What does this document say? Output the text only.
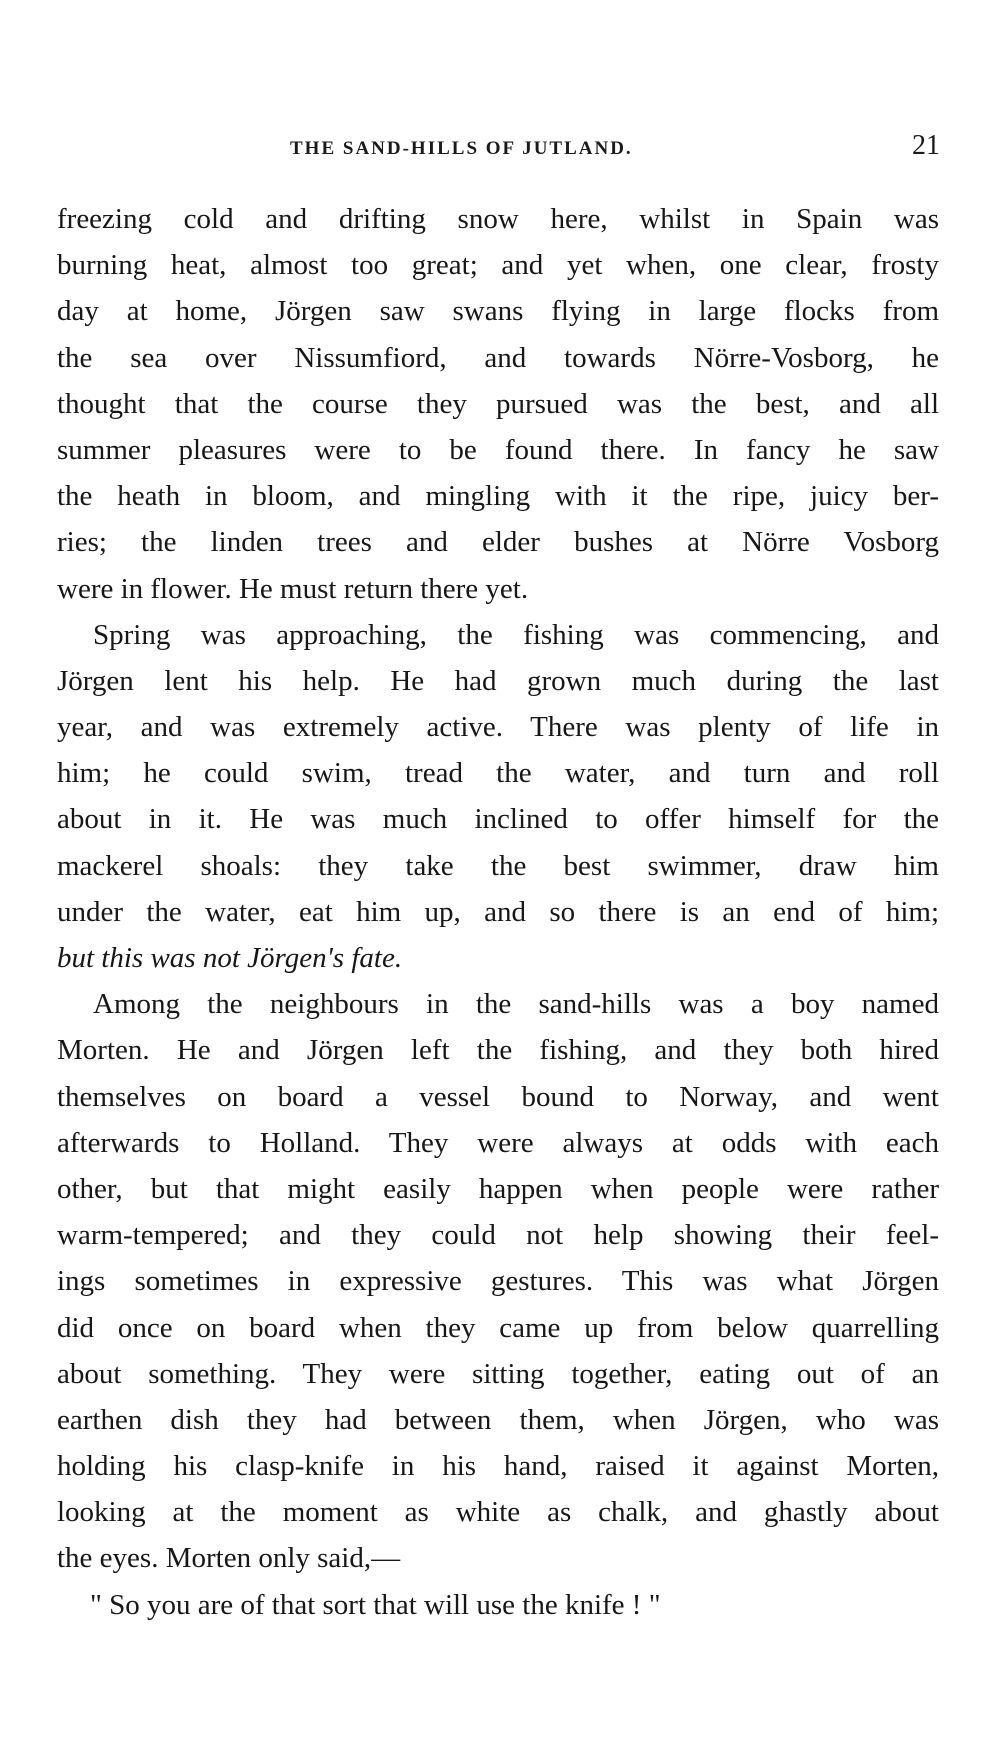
THE SAND-HILLS OF JUTLAND.	21
freezing cold and drifting snow here, whilst in Spain was
burning heat, almost too great; and yet when, one clear, frosty
day at home, Jörgen saw swans flying in large flocks from
the sea over Nissumfiord, and towards Nörre-Vosborg, he
thought that the course they pursued was the best, and all
summer pleasures were to be found there. In fancy he saw
the heath in bloom, and mingling with it the ripe, juicy ber-
ries; the linden trees and elder bushes at Nörre Vosborg
were in flower. He must return there yet.
Spring was approaching, the fishing was commencing, and
Jörgen lent his help. He had grown much during the last
year, and was extremely active. There was plenty of life in
him; he could swim, tread the water, and turn and roll
about in it. He was much inclined to offer himself for the
mackerel shoals: they take the best swimmer, draw him
under the water, eat him up, and so there is an end of him;
but this was not Jörgen's fate.
Among the neighbours in the sand-hills was a boy named
Morten. He and Jörgen left the fishing, and they both hired
themselves on board a vessel bound to Norway, and went
afterwards to Holland. They were always at odds with each
other, but that might easily happen when people were rather
warm-tempered; and they could not help showing their feel-
ings sometimes in expressive gestures. This was what Jörgen
did once on board when they came up from below quarrelling
about something. They were sitting together, eating out of an
earthen dish they had between them, when Jörgen, who was
holding his clasp-knife in his hand, raised it against Morten,
looking at the moment as white as chalk, and ghastly about
the eyes. Morten only said,—
" So you are of that sort that will use the knife ! "
